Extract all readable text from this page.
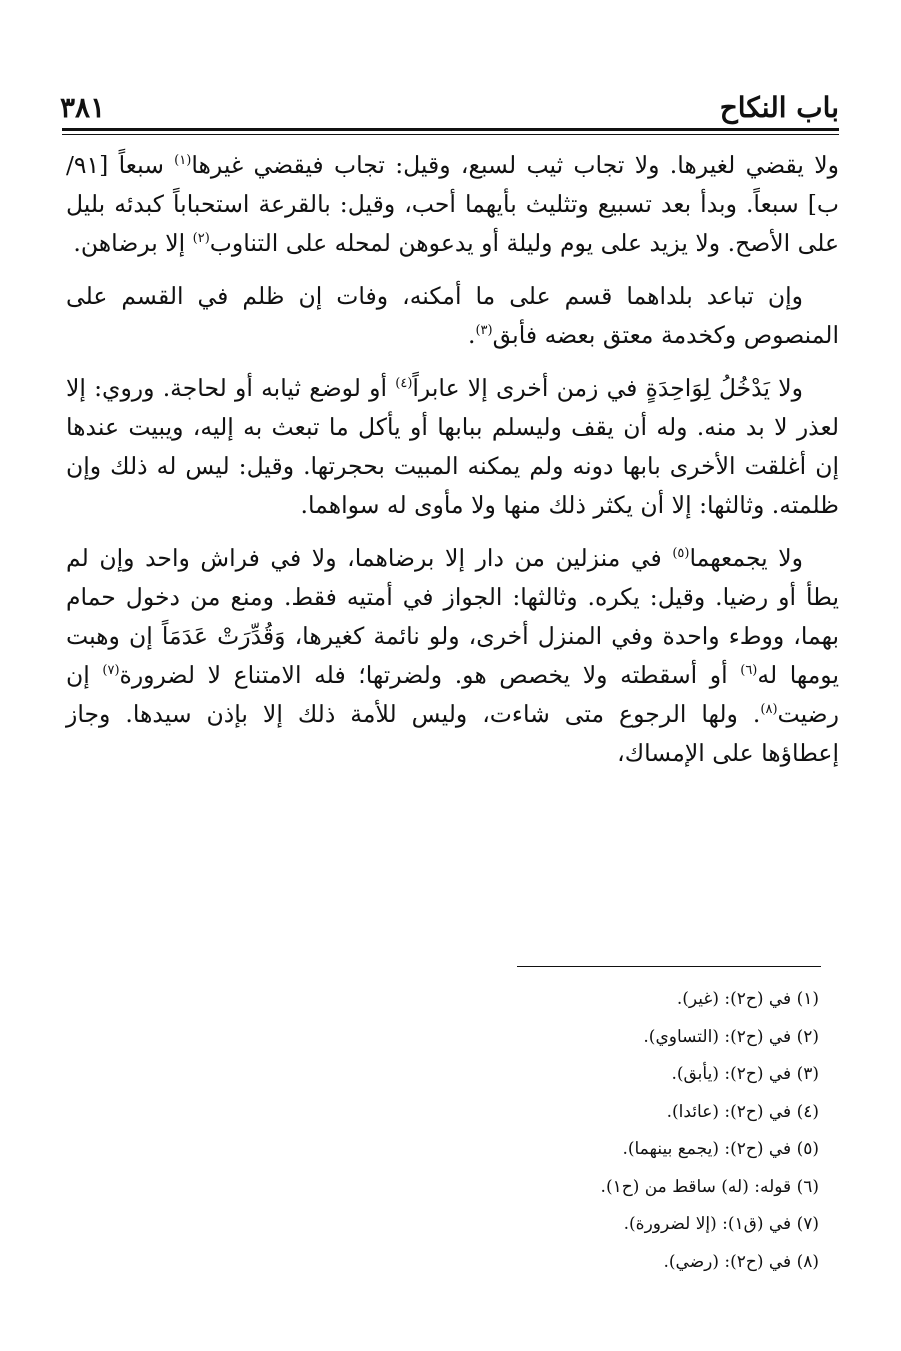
باب النكاح
٣٨١

ولا يقضي لغيرها. ولا تجاب ثيب لسبع، وقيل: تجاب فيقضي غيرها$^{(١)}$ سبعاً [٩١/ ب] سبعاً. وبدأ بعد تسبيع وتثليث بأيهما أحب، وقيل: بالقرعة استحباباً كبدئه بليل على الأصح. ولا يزيد على يوم وليلة أو يدعوهن لمحله على التناوب$^{(٢)}$ إلا برضاهن.

وإن تباعد بلداهما قسم على ما أمكنه، وفات إن ظلم في القسم على المنصوص وكخدمة معتق بعضه فأبق$^{(٣)}$.

ولا يَدْخُلُ لِوَاحِدَةٍ في زمن أخرى إلا عابراً$^{(٤)}$ أو لوضع ثيابه أو لحاجة. وروي: إلا لعذر لا بد منه. وله أن يقف وليسلم ببابها أو يأكل ما تبعث به إليه، ويبيت عندها إن أغلقت الأخرى بابها دونه ولم يمكنه المبيت بحجرتها. وقيل: ليس له ذلك وإن ظلمته. وثالثها: إلا أن يكثر ذلك منها ولا مأوى له سواهما.

ولا يجمعهما$^{(٥)}$ في منزلين من دار إلا برضاهما، ولا في فراش واحد وإن لم يطأ أو رضيا. وقيل: يكره. وثالثها: الجواز في أمتيه فقط. ومنع من دخول حمام بهما، ووطء واحدة وفي المنزل أخرى، ولو نائمة كغيرها، وَقُدِّرَتْ عَدَمَاً إن وهبت يومها له$^{(٦)}$ أو أسقطته ولا يخصص هو. ولضرتها؛ فله الامتناع لا لضرورة$^{(٧)}$ إن رضيت$^{(٨)}$. ولها الرجوع متى شاءت، وليس للأمة ذلك إلا بإذن سيدها. وجاز إعطاؤها على الإمساك،

(١) في (ح٢): (غير).
(٢) في (ح٢): (التساوي).
(٣) في (ح٢): (يأبق).
(٤) في (ح٢): (عائدا).
(٥) في (ح٢): (يجمع بينهما).
(٦) قوله: (له) ساقط من (ح١).
(٧) في (ق١): (إلا لضرورة).
(٨) في (ح٢): (رضي).
